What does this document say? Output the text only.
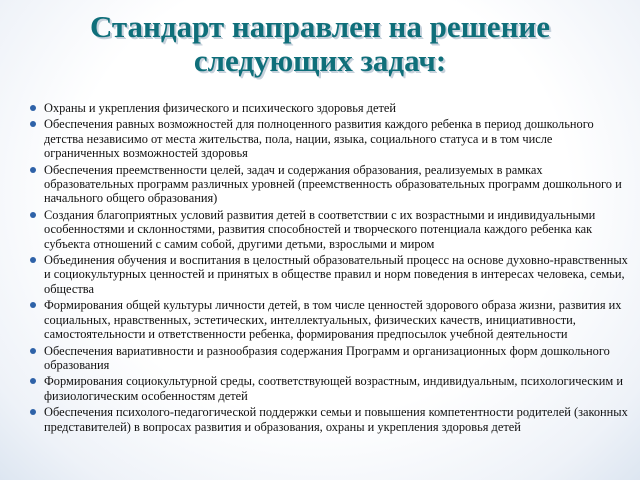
Стандарт направлен на решение
следующих задач:
Охраны и укрепления физического и психического здоровья детей
Обеспечения равных возможностей для полноценного развития каждого ребенка в период дошкольного детства независимо от места жительства, пола, нации, языка, социального статуса и в том числе ограниченных возможностей здоровья
Обеспечения преемственности целей, задач и содержания образования, реализуемых в рамках образовательных программ различных уровней (преемственность образовательных программ дошкольного и начального общего образования)
Создания благоприятных условий развития детей в соответствии с их возрастными и индивидуальными особенностями и склонностями, развития способностей и творческого потенциала каждого ребенка как субъекта отношений с самим собой, другими детьми, взрослыми и миром
Объединения обучения и воспитания в целостный образовательный процесс на основе духовно-нравственных и социокультурных ценностей и принятых в обществе правил и норм поведения в интересах человека, семьи, общества
Формирования общей культуры личности детей, в том числе ценностей здорового образа жизни, развития их социальных, нравственных, эстетических, интеллектуальных, физических качеств, инициативности, самостоятельности и ответственности ребенка, формирования предпосылок учебной деятельности
Обеспечения вариативности и разнообразия содержания Программ и организационных форм дошкольного образования
Формирования социокультурной среды, соответствующей возрастным, индивидуальным, психологическим и физиологическим особенностям детей
Обеспечения психолого-педагогической поддержки семьи и повышения компетентности родителей (законных представителей) в вопросах развития и образования, охраны и укрепления здоровья детей
